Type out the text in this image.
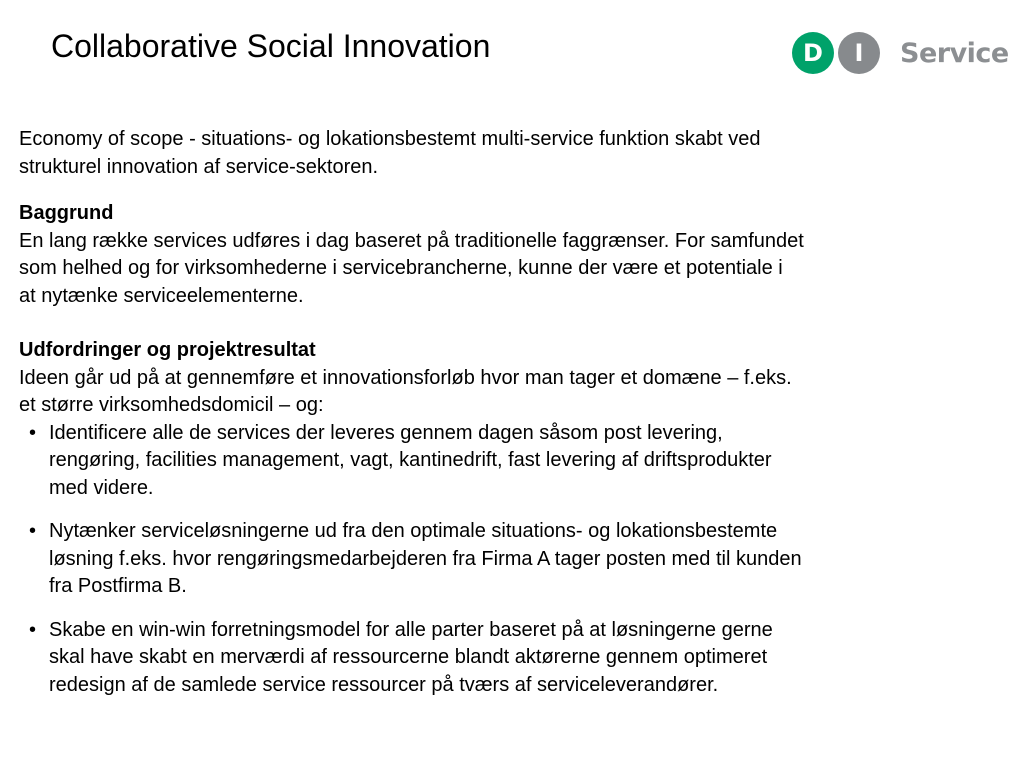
Collaborative Social Innovation	D	I	Service

Economy of scope - situations- og lokationsbestemt multi-service funktion skabt ved
strukturel innovation af service-sektoren.

Baggrund
En lang række services udføres i dag baseret på traditionelle faggrænser. For samfundet
som helhed og for virksomhederne i servicebrancherne, kunne der være et potentiale i
at nytænke serviceelementerne.

Udfordringer og projektresultat
Ideen går ud på at gennemføre et innovationsforløb hvor man tager et domæne – f.eks.
et større virksomhedsdomicil – og:

• Identificere alle de services der leveres gennem dagen såsom post levering,
rengøring, facilities management, vagt, kantinedrift, fast levering af driftsprodukter
med videre.
• Nytænker serviceløsningerne ud fra den optimale situations- og lokationsbestemte
løsning f.eks. hvor rengøringsmedarbejderen fra Firma A tager posten med til kunden
fra Postfirma B.
• Skabe en win-win forretningsmodel for alle parter baseret på at løsningerne gerne
skal have skabt en merværdi af ressourcerne blandt aktørerne gennem optimeret
redesign af de samlede service ressourcer på tværs af serviceleverandører.
